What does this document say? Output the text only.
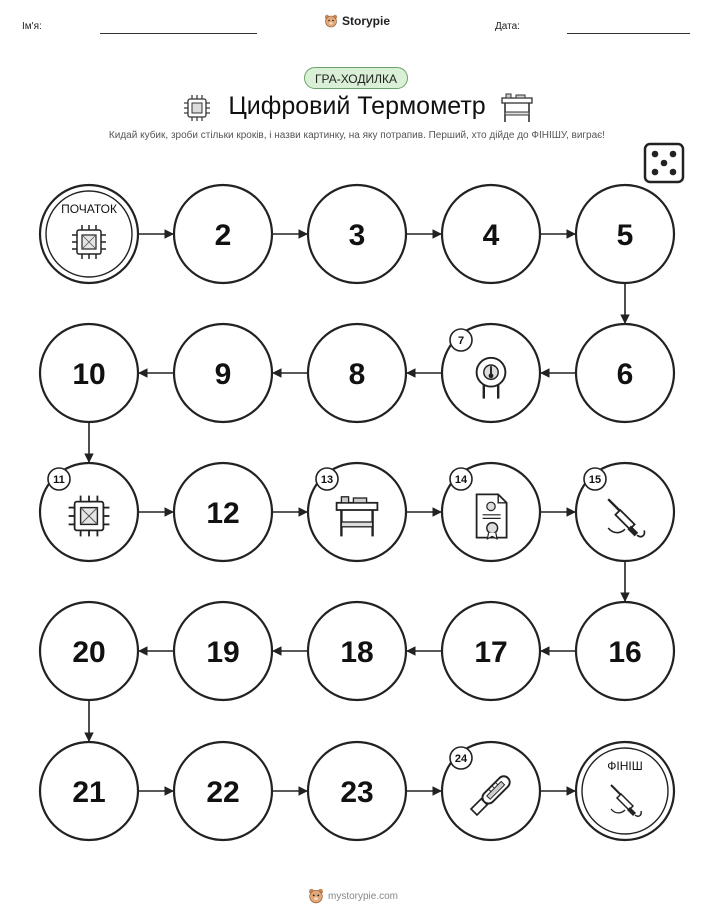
Ім'я:	Storypie	Дата:
ГРА-ХОДИЛКА
Цифровий Термометр
Кидай кубик, зроби стільки кроків, і назви картинку, на яку потрапив. Перший, хто дійде до ФІНІШУ, виграє!
ПОЧАТОК
2	3	4	5
6
7
8
9
10
11
12
13	14	15
16
17
18
19
20
21	22	23
24	ФІНІШ
mystorypie.com
